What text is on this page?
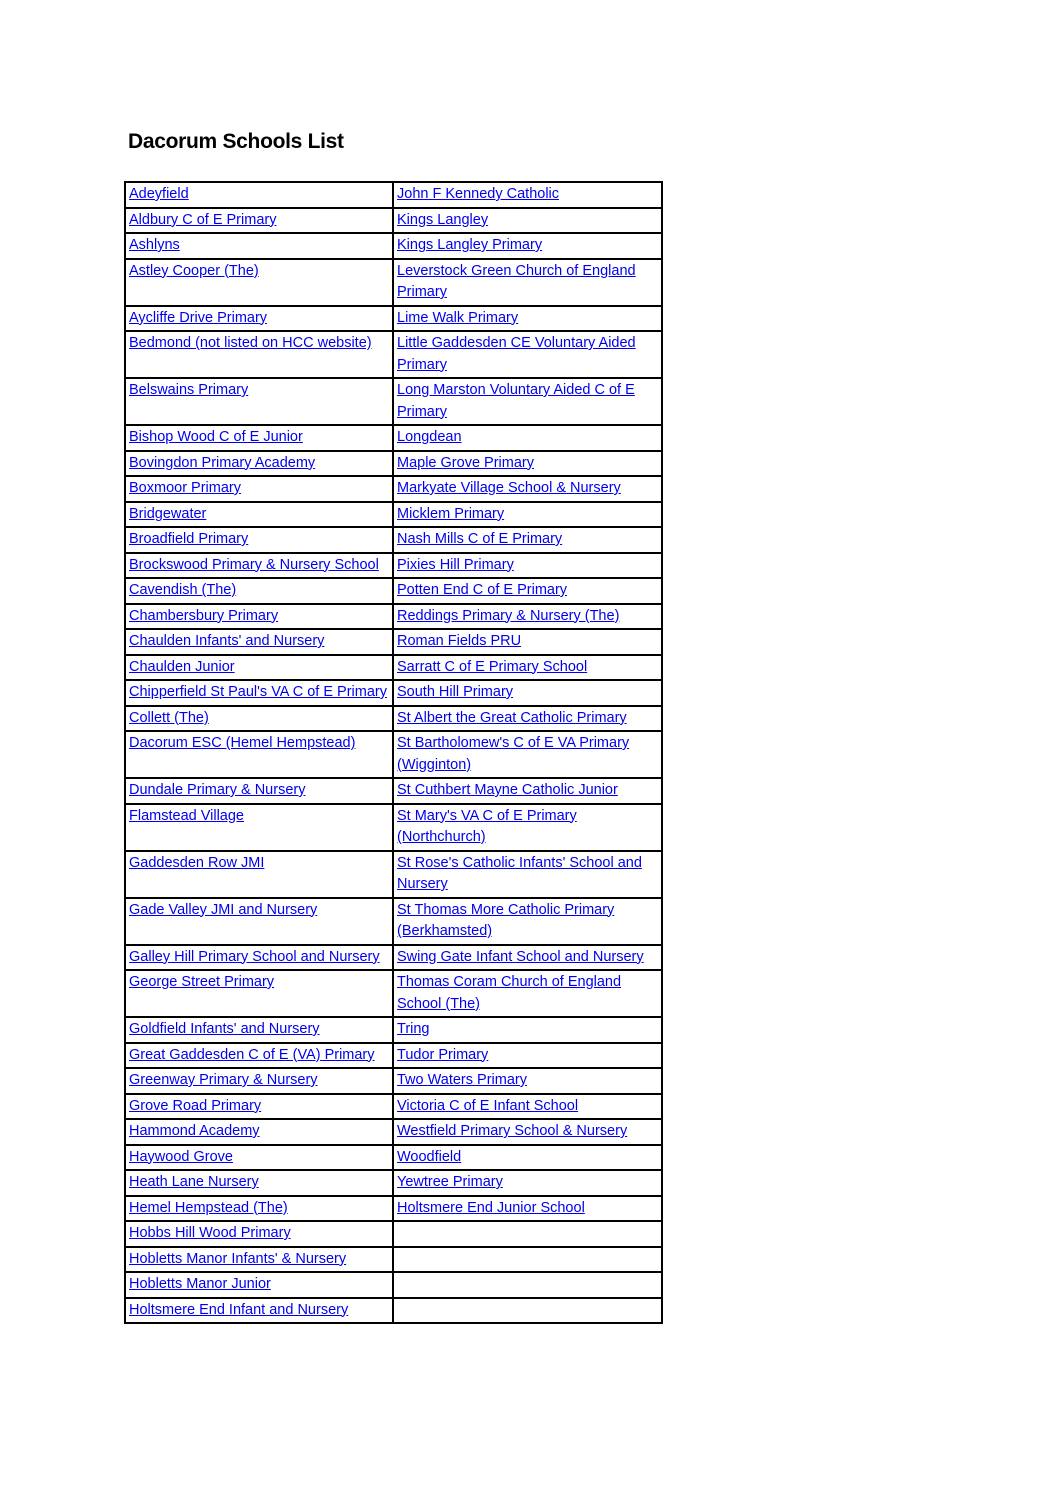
Dacorum Schools List
Adeyfield	John F Kennedy Catholic
Aldbury C of E Primary	Kings Langley
Ashlyns	Kings Langley Primary
Astley Cooper (The)	Leverstock Green Church of England Primary
Aycliffe Drive Primary	Lime Walk Primary
Bedmond (not listed on HCC website)	Little Gaddesden CE Voluntary Aided Primary
Belswains Primary	Long Marston Voluntary Aided C of E Primary
Bishop Wood C of E Junior	Longdean
Bovingdon Primary Academy	Maple Grove Primary
Boxmoor Primary	Markyate Village School & Nursery
Bridgewater	Micklem Primary
Broadfield Primary	Nash Mills C of E Primary
Brockswood Primary & Nursery School	Pixies Hill Primary
Cavendish (The)	Potten End C of E Primary
Chambersbury Primary	Reddings Primary & Nursery (The)
Chaulden Infants' and Nursery	Roman Fields PRU
Chaulden Junior	Sarratt C of E Primary School
Chipperfield St Paul's VA C of E Primary	South Hill Primary
Collett (The)	St Albert the Great Catholic Primary
Dacorum ESC (Hemel Hempstead)	St Bartholomew's C of E VA Primary (Wigginton)
Dundale Primary & Nursery	St Cuthbert Mayne Catholic Junior
Flamstead Village	St Mary's VA C of E Primary (Northchurch)
Gaddesden Row JMI	St Rose's Catholic Infants' School and Nursery
Gade Valley JMI and Nursery	St Thomas More Catholic Primary (Berkhamsted)
Galley Hill Primary School and Nursery	Swing Gate Infant School and Nursery
George Street Primary	Thomas Coram Church of England School (The)
Goldfield Infants' and Nursery	Tring
Great Gaddesden C of E (VA) Primary	Tudor Primary
Greenway Primary & Nursery	Two Waters Primary
Grove Road Primary	Victoria C of E Infant School
Hammond Academy	Westfield Primary School & Nursery
Haywood Grove	Woodfield
Heath Lane Nursery	Yewtree Primary
Hemel Hempstead (The)	Holtsmere End Junior School
Hobbs Hill Wood Primary	
Hobletts Manor Infants' & Nursery	
Hobletts Manor Junior	
Holtsmere End Infant and Nursery	
